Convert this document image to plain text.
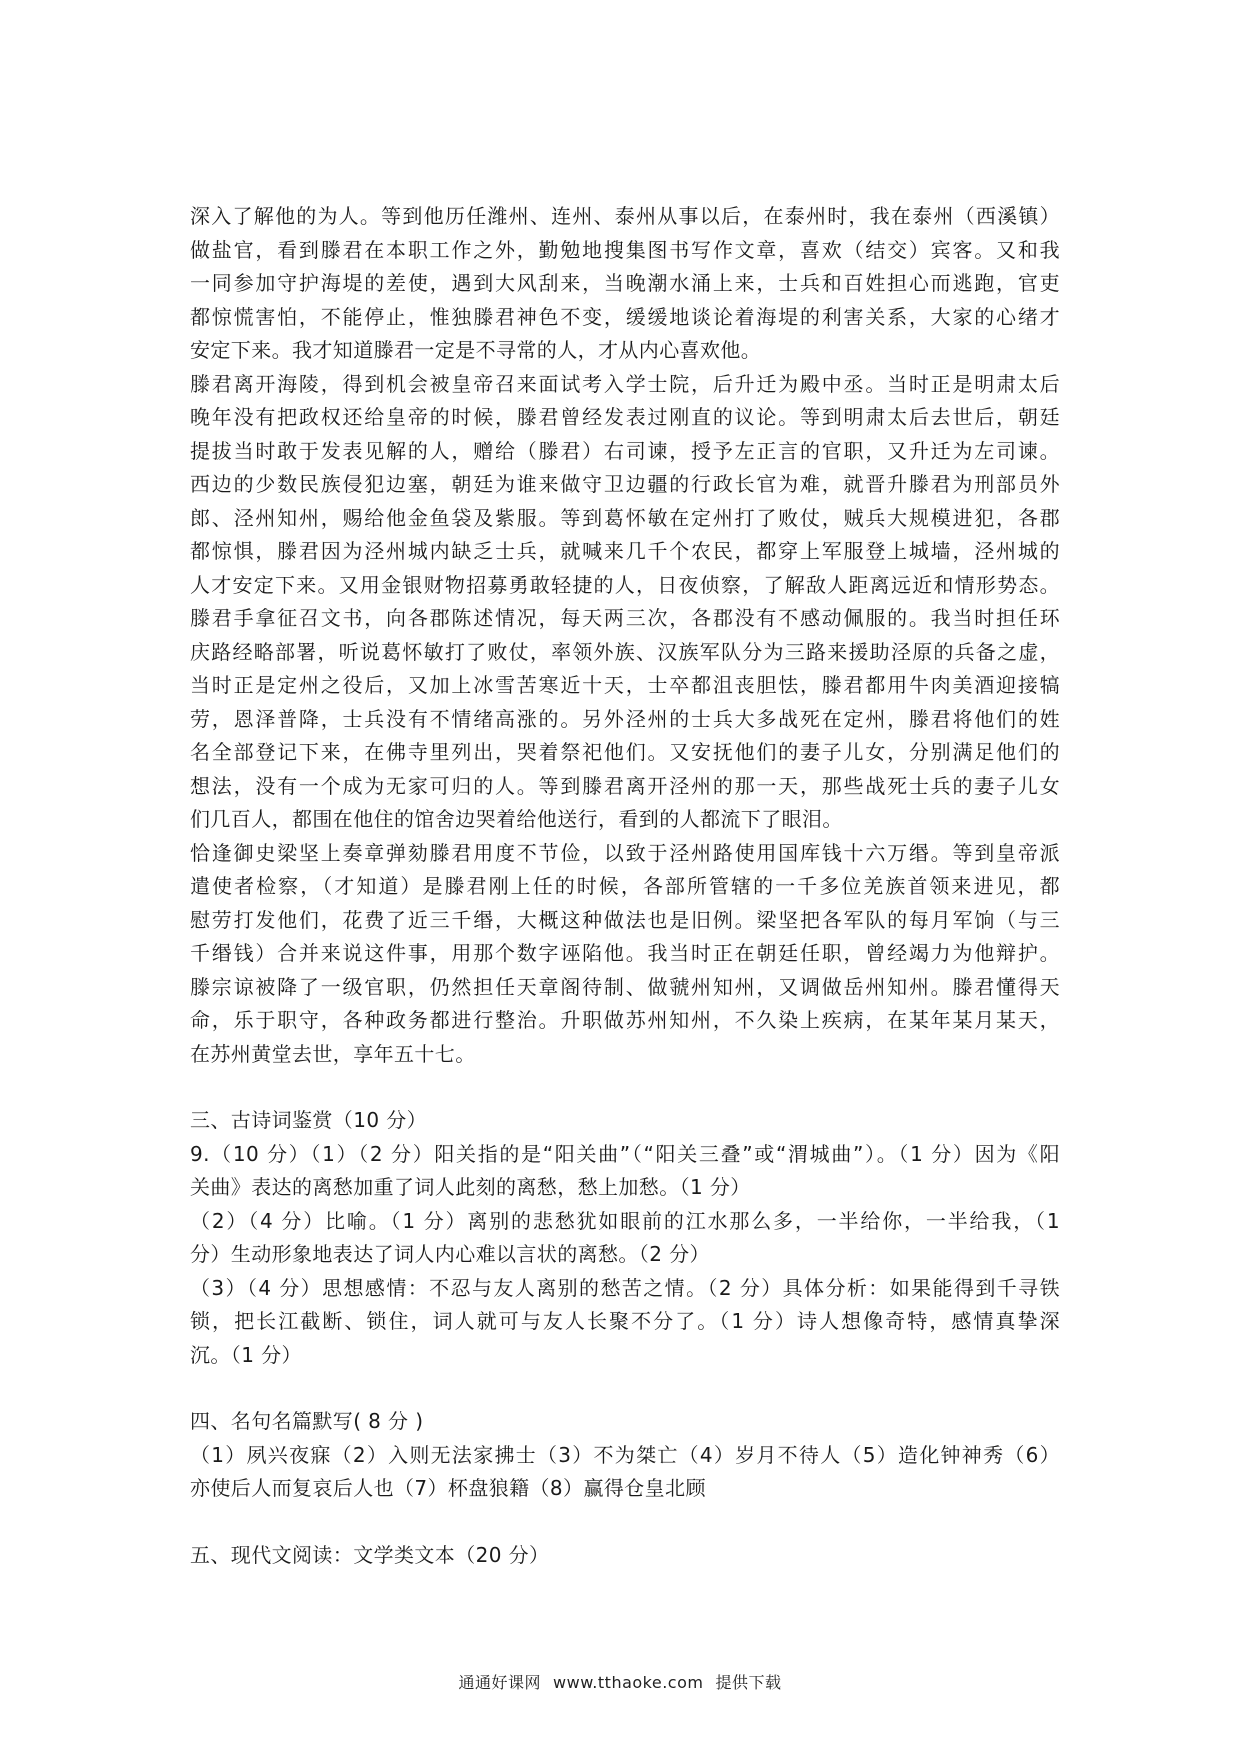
深入了解他的为人。等到他历任潍州、连州、泰州从事以后，在泰州时，我在泰州（西溪镇）
做盐官，看到滕君在本职工作之外，勤勉地搜集图书写作文章，喜欢（结交）宾客。又和我
一同参加守护海堤的差使，遇到大风刮来，当晚潮水涌上来，士兵和百姓担心而逃跑，官吏
都惊慌害怕，不能停止，惟独滕君神色不变，缓缓地谈论着海堤的利害关系，大家的心绪才
安定下来。我才知道滕君一定是不寻常的人，才从内心喜欢他。
滕君离开海陵，得到机会被皇帝召来面试考入学士院，后升迁为殿中丞。当时正是明肃太后
晚年没有把政权还给皇帝的时候，滕君曾经发表过刚直的议论。等到明肃太后去世后，朝廷
提拔当时敢于发表见解的人，赠给（滕君）右司谏，授予左正言的官职，又升迁为左司谏。
西边的少数民族侵犯边塞，朝廷为谁来做守卫边疆的行政长官为难，就晋升滕君为刑部员外
郎、泾州知州，赐给他金鱼袋及紫服。等到葛怀敏在定州打了败仗，贼兵大规模进犯，各郡
都惊惧，滕君因为泾州城内缺乏士兵，就喊来几千个农民，都穿上军服登上城墙，泾州城的
人才安定下来。又用金银财物招募勇敢轻捷的人，日夜侦察，了解敌人距离远近和情形势态。
滕君手拿征召文书，向各郡陈述情况，每天两三次，各郡没有不感动佩服的。我当时担任环
庆路经略部署，听说葛怀敏打了败仗，率领外族、汉族军队分为三路来援助泾原的兵备之虚，
当时正是定州之役后，又加上冰雪苦寒近十天，士卒都沮丧胆怯，滕君都用牛肉美酒迎接犒
劳，恩泽普降，士兵没有不情绪高涨的。另外泾州的士兵大多战死在定州，滕君将他们的姓
名全部登记下来，在佛寺里列出，哭着祭祀他们。又安抚他们的妻子儿女，分别满足他们的
想法，没有一个成为无家可归的人。等到滕君离开泾州的那一天，那些战死士兵的妻子儿女
们几百人，都围在他住的馆舍边哭着给他送行，看到的人都流下了眼泪。
恰逢御史梁坚上奏章弹劾滕君用度不节俭，以致于泾州路使用国库钱十六万缗。等到皇帝派
遣使者检察，（才知道）是滕君刚上任的时候，各部所管辖的一千多位羌族首领来进见，都
慰劳打发他们，花费了近三千缗，大概这种做法也是旧例。梁坚把各军队的每月军饷（与三
千缗钱）合并来说这件事，用那个数字诬陷他。我当时正在朝廷任职，曾经竭力为他辩护。
滕宗谅被降了一级官职，仍然担任天章阁待制、做虢州知州，又调做岳州知州。滕君懂得天
命，乐于职守，各种政务都进行整治。升职做苏州知州，不久染上疾病，在某年某月某天，
在苏州黄堂去世，享年五十七。
三、古诗词鉴赏（10 分）
9.（10 分）（1）（2 分）阳关指的是“阳关曲”（“阳关三叠”或“渭城曲”）。（1 分）因为《阳
关曲》表达的离愁加重了词人此刻的离愁，愁上加愁。（1 分）
（2）（4 分）比喻。（1 分）离别的悲愁犹如眼前的江水那么多，一半给你，一半给我，（1
分）生动形象地表达了词人内心难以言状的离愁。（2 分）
（3）（4 分）思想感情：不忍与友人离别的愁苦之情。（2 分）具体分析：如果能得到千寻铁
锁，把长江截断、锁住，词人就可与友人长聚不分了。（1 分）诗人想像奇特，感情真挚深
沉。（1 分）
四、名句名篇默写( 8 分 )
（1）夙兴夜寐（2）入则无法家拂士（3）不为桀亡（4）岁月不待人（5）造化钟神秀（6）
亦使后人而复哀后人也（7）杯盘狼籍（8）赢得仓皇北顾
五、现代文阅读：文学类文本（20 分）
通通好课网 www.tthaoke.com 提供下载
